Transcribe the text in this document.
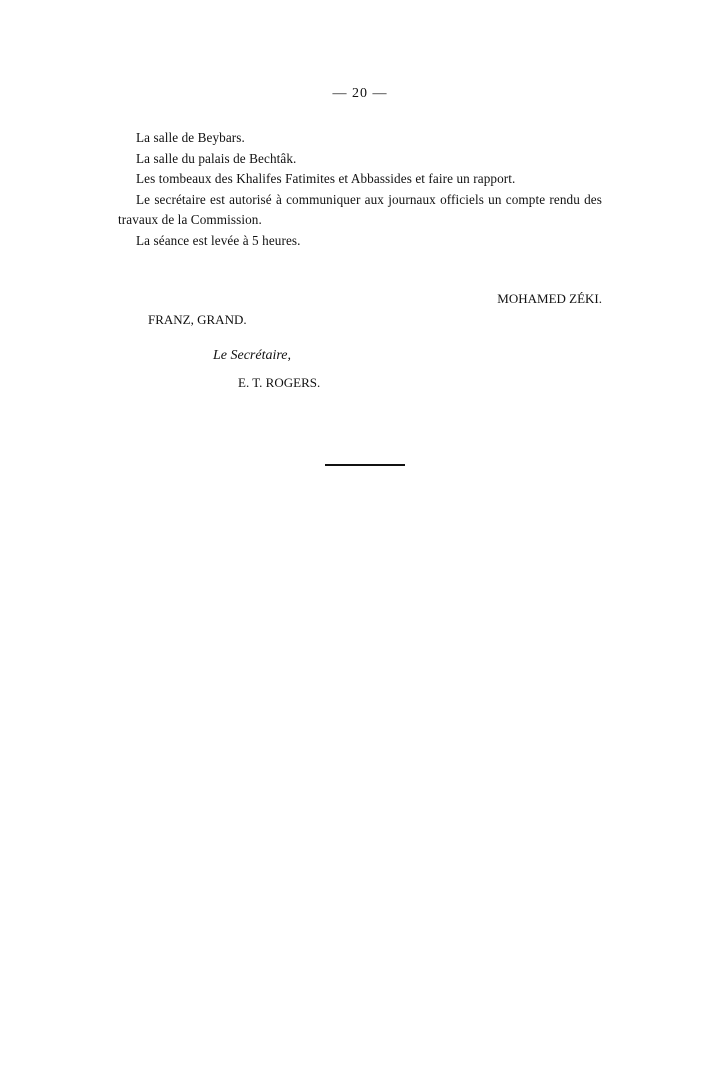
— 20 —

La salle de Beybars.

La salle du palais de Bechtâk.

Les tombeaux des Khalifes Fatimites et Abbassides et faire un rapport.

Le secrétaire est autorisé à communiquer aux journaux officiels un compte rendu des travaux de la Commission.

La séance est levée à 5 heures.

MOHAMED ZÉKI.
FRANZ, GRAND.
Le Secrétaire,
E. T. ROGERS.
